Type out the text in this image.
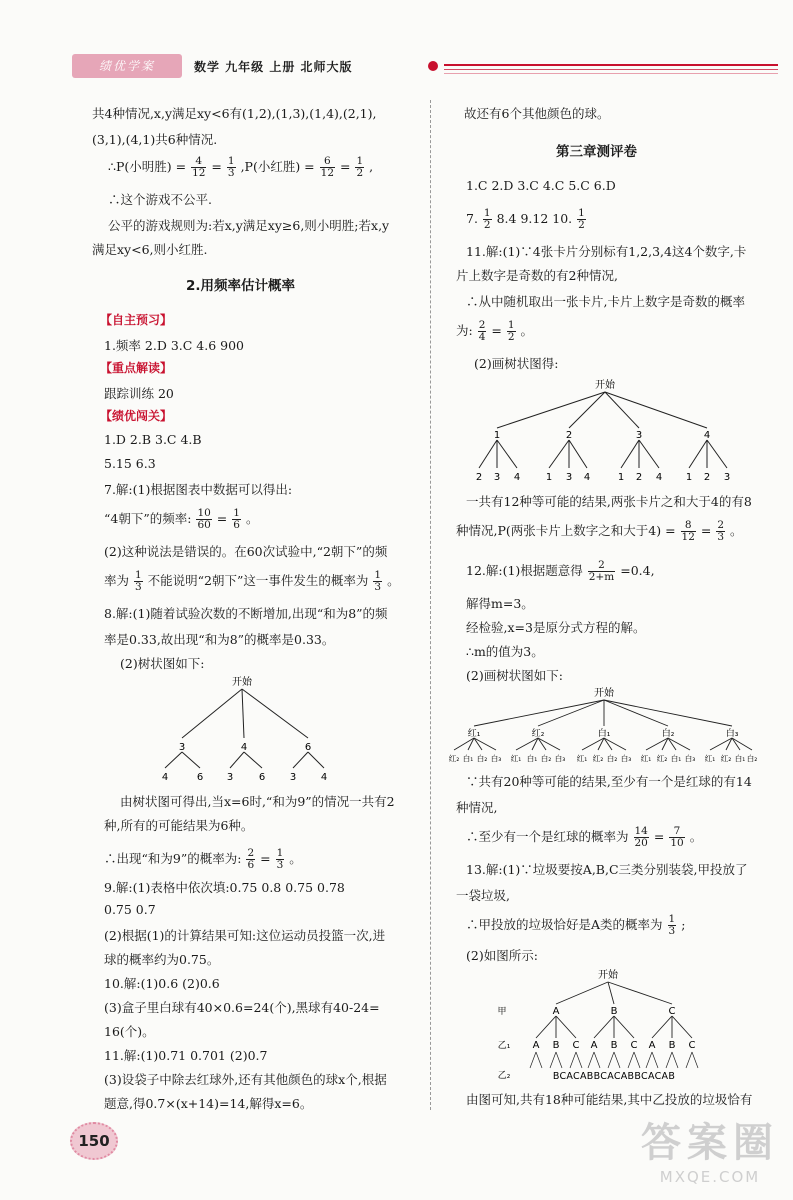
绩优学案	数学 九年级 上册 北师大版
共4种情况,x,y满足xy<6有(1,2),(1,3),(1,4),(2,1),
(3,1),(4,1)共6种情况.
∴P(小明胜) = $\frac{4}{12} = \frac{1}{3} ,P$(小红胜) = $\frac{6}{12} = \frac{1}{2}$ ,
∴这个游戏不公平.
公平的游戏规则为:若x,y满足xy≥6,则小明胜;若x,y
满足xy<6,则小红胜.
2.用频率估计概率
【自主预习】
1.频率 2.D 3.C 4.6 900
【重点解读】
跟踪训练 20
【绩优闯关】
1.D 2.B 3.C 4.B
5.15 6.3
7.解:(1)根据图表中数据可以得出:
“4朝下”的频率: $\frac{10}{60} = \frac{1}{6}$ 。
(2)这种说法是错误的。在60次试验中,“2朝下”的频
率为 $\frac{1}{3}$ 不能说明“2朝下”这一事件发生的概率为 $\frac{1}{3}$ 。
8.解:(1)随着试验次数的不断增加,出现“和为8”的频
率是0.33,故出现“和为8”的概率是0.33。
(2)树状图如下:
开始
3	4	6
4	6 3	6 3 4
由树状图可得出,当x=6时,“和为9”的情况一共有2
种,所有的可能结果为6种。
∴出现“和为9”的概率为: $\frac{2}{6} = \frac{1}{3}$ 。
9.解:(1)表格中依次填:0.75 0.8 0.75 0.78
0.75 0.7
(2)根据(1)的计算结果可知:这位运动员投篮一次,进
球的概率约为0.75。
10.解:(1)0.6 (2)0.6
(3)盒子里白球有40×0.6=24(个),黑球有40-24=
16(个)。
11.解:(1)0.71 0.701 (2)0.7
(3)设袋子中除去红球外,还有其他颜色的球x个,根据
题意,得0.7×(x+14)=14,解得x=6。
故还有6个其他颜色的球。
第三章测评卷
1.C 2.D 3.C 4.C 5.C 6.D
7. $\frac{1}{2} 8.4$ 9.12 10. $\frac{1}{2}$
11.解:(1)∵4张卡片分别标有1,2,3,4这4个数字,卡
片上数字是奇数的有2种情况,
∴从中随机取出一张卡片,卡片上数字是奇数的概率
为: $\frac{2}{4} = \frac{1}{2}$ 。
(2)画树状图得:
开始
1	2	3	4
2 3 4	1 3 4	1 2 4 1 2 3
一共有12种等可能的结果,两张卡片之和大于4的有8
种情况,P(两张卡片上数字之和大于$4) = \frac{8}{12} = \frac{2}{3}$ 。
12.解:(1)根据题意得 $\frac{2}{2+m} =0.4$,
解得m=3。
经检验,x=3是原分式方程的解。
∴m的值为3。
(2)画树状图如下:
开始
红₁	红₂	白₁	白₂	白₃
红₂ 白₁ 白₂ 白₃ 红₁ 白₁ 白₂ 白₃ 红₁ 红₂ 白₂ 白₃ 红₁ 红₂ 白₁ 白₃ 红₁ 红₂ 白₁ 白₂
∵共有20种等可能的结果,至少有一个是红球的有14
种情况,
∴至少有一个是红球的概率为 $\frac{14}{20} = \frac{7}{10}$ 。
13.解:(1)∵垃圾要按A,B,C三类分别装袋,甲投放了
一袋垃圾,
∴甲投放的垃圾恰好是A类的概率为 $\frac{1}{3}$ ;
(2)如图所示:
开始
甲
乙₁
乙₂
A	B	C
A B C A B C A B C
BCACABBCACABBCACAB
由图可知,共有18种可能结果,其中乙投放的垃圾恰有
150	答案圈
MXQE.COM
